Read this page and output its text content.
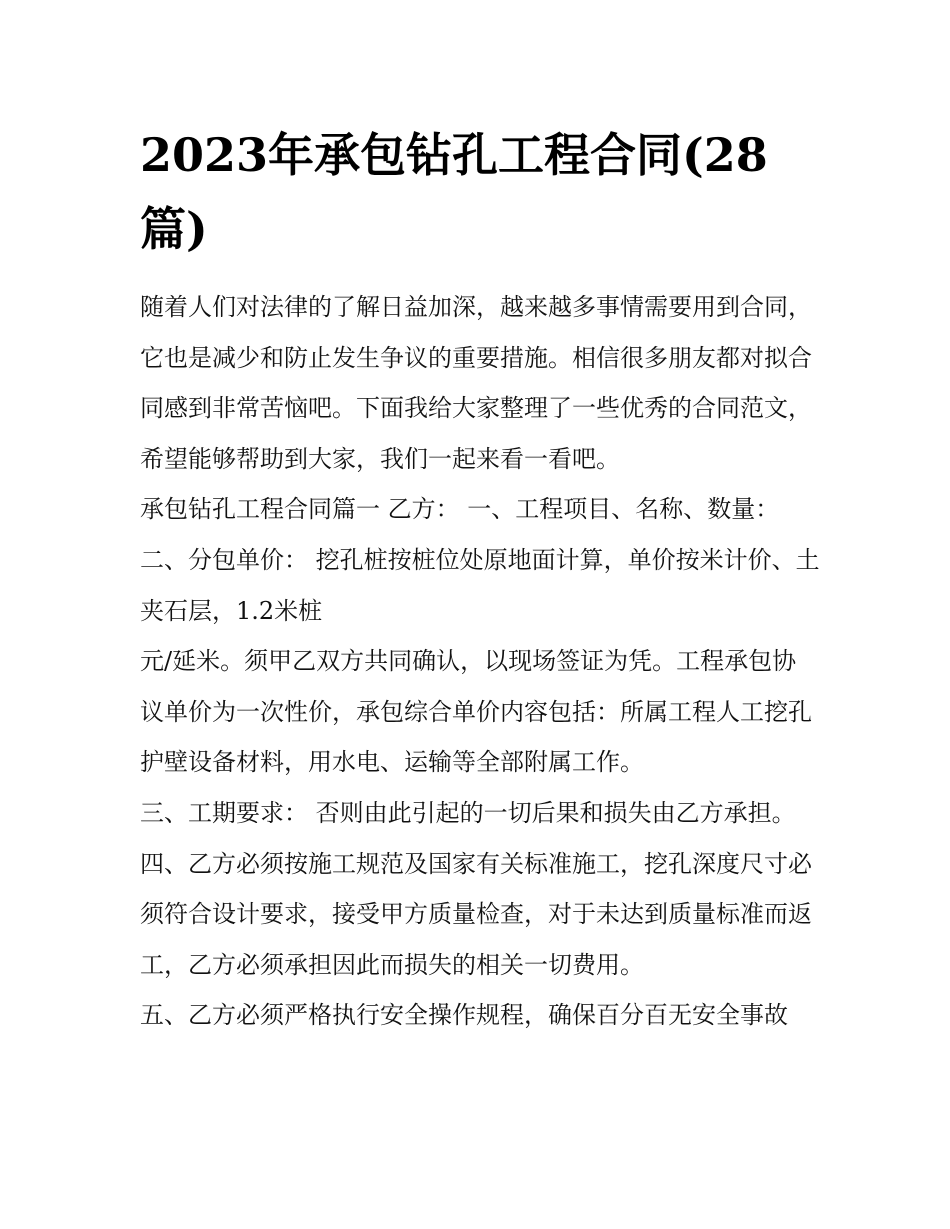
2023年承包钻孔工程合同(28篇)

随着人们对法律的了解日益加深，越来越多事情需要用到合同，它也是减少和防止发生争议的重要措施。相信很多朋友都对拟合同感到非常苦恼吧。下面我给大家整理了一些优秀的合同范文，希望能够帮助到大家，我们一起来看一看吧。

承包钻孔工程合同篇一 乙方： 一、工程项目、名称、数量：

二、分包单价： 挖孔桩按桩位处原地面计算，单价按米计价、土夹石层，1.2米桩

元/延米。须甲乙双方共同确认，以现场签证为凭。工程承包协议单价为一次性价，承包综合单价内容包括：所属工程人工挖孔护壁设备材料，用水电、运输等全部附属工作。

三、工期要求： 否则由此引起的一切后果和损失由乙方承担。

四、乙方必须按施工规范及国家有关标准施工，挖孔深度尺寸必须符合设计要求，接受甲方质量检查，对于未达到质量标准而返工，乙方必须承担因此而损失的相关一切费用。

五、乙方必须严格执行安全操作规程，确保百分百无安全事故
